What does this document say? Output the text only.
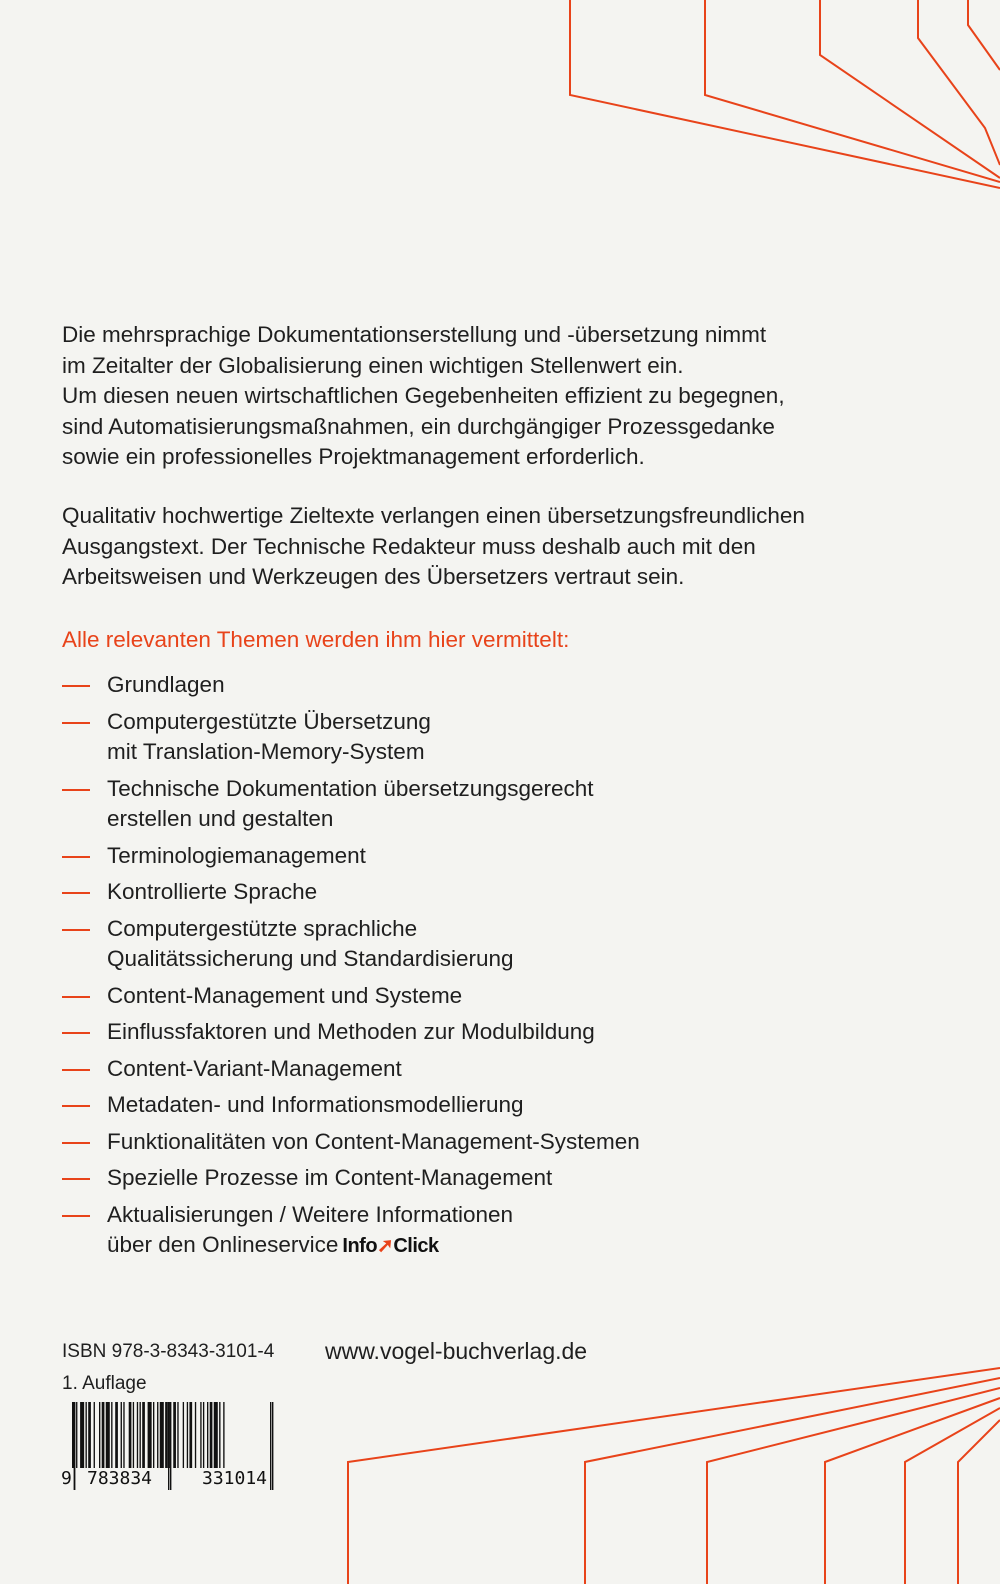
Die mehrsprachige Dokumentationserstellung und -übersetzung nimmt
im Zeitalter der Globalisierung einen wichtigen Stellenwert ein.
Um diesen neuen wirtschaftlichen Gegebenheiten effizient zu begegnen,
sind Automatisierungsmaßnahmen, ein durchgängiger Prozessgedanke
sowie ein professionelles Projektmanagement erforderlich.
Qualitativ hochwertige Zieltexte verlangen einen übersetzungsfreundlichen
Ausgangstext. Der Technische Redakteur muss deshalb auch mit den
Arbeitsweisen und Werkzeugen des Übersetzers vertraut sein.
Alle relevanten Themen werden ihm hier vermittelt:
Grundlagen
Computergestützte Übersetzung
mit Translation-Memory-System
Technische Dokumentation übersetzungsgerecht
erstellen und gestalten
Terminologiemanagement
Kontrollierte Sprache
Computergestützte sprachliche
Qualitätssicherung und Standardisierung
Content-Management und Systeme
Einflussfaktoren und Methoden zur Modulbildung
Content-Variant-Management
Metadaten- und Informationsmodellierung
Funktionalitäten von Content-Management-Systemen
Spezielle Prozesse im Content-Management
Aktualisierungen / Weitere Informationen
über den Onlineservice Info➚Click
ISBN 978-3-8343-3101-4
1. Auflage
www.vogel-buchverlag.de
9 783834	331014
